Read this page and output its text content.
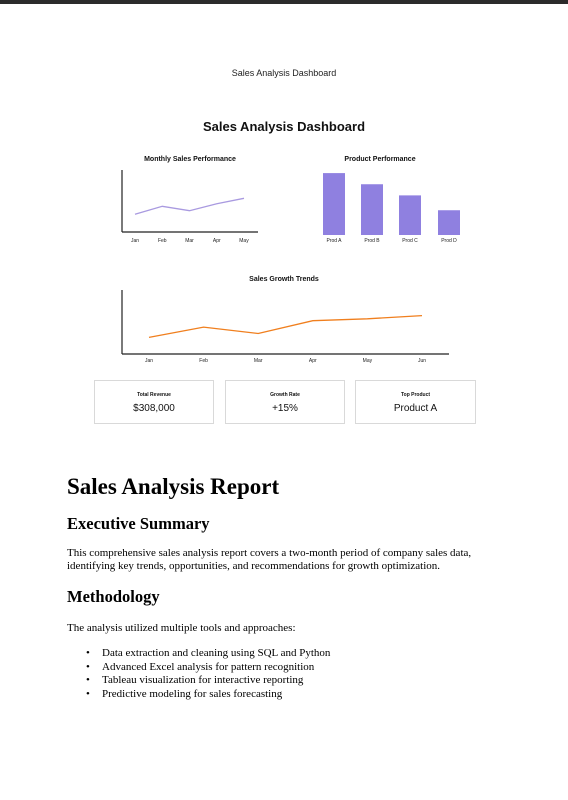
Sales Analysis Dashboard
Sales Analysis Dashboard
Monthly Sales Performance
Jan	Feb	Mar	Apr	May
Product Performance
Prod A	Prod B	Prod C	Prod D
Sales Growth Trends
Jan	Feb	Mar	Apr	May	Jun
Total Revenue
$308,000
Growth Rate
+15%
Top Product
Product A
Sales Analysis Report
Executive Summary

This comprehensive sales analysis report covers a two-month period of company sales data, identifying key trends, opportunities, and recommendations for growth optimization.

Methodology

The analysis utilized multiple tools and approaches:

• Data extraction and cleaning using SQL and Python
• Advanced Excel analysis for pattern recognition
• Tableau visualization for interactive reporting
• Predictive modeling for sales forecasting
